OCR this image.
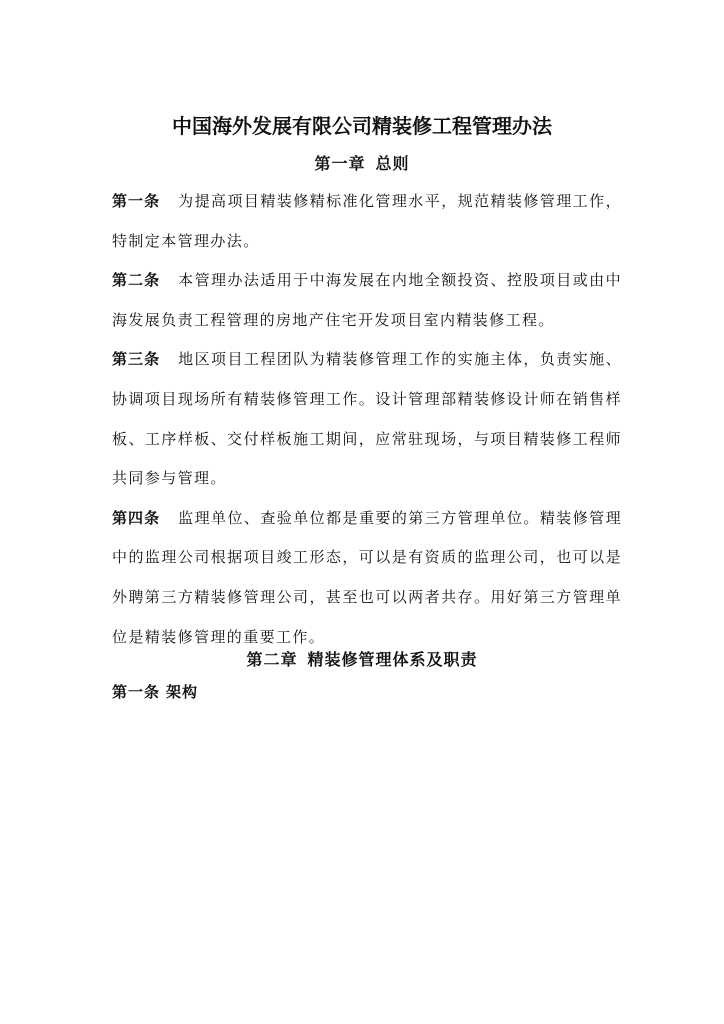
中国海外发展有限公司精装修工程管理办法
第一章 总则

第一条 为提高项目精装修精标准化管理水平，规范精装修管理工作，特制定本管理办法。

第二条 本管理办法适用于中海发展在内地全额投资、控股项目或由中海发展负责工程管理的房地产住宅开发项目室内精装修工程。

第三条 地区项目工程团队为精装修管理工作的实施主体，负责实施、协调项目现场所有精装修管理工作。设计管理部精装修设计师在销售样板、工序样板、交付样板施工期间，应常驻现场，与项目精装修工程师共同参与管理。

第四条 监理单位、查验单位都是重要的第三方管理单位。精装修管理中的监理公司根据项目竣工形态，可以是有资质的监理公司，也可以是外聘第三方精装修管理公司，甚至也可以两者共存。用好第三方管理单位是精装修管理的重要工作。

第二章 精装修管理体系及职责
第一条 架构
